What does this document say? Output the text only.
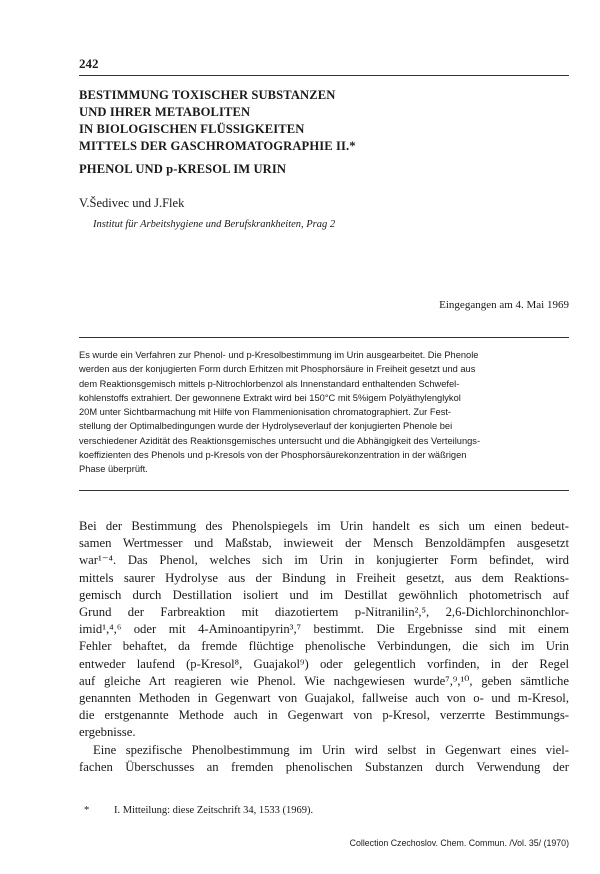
242
BESTIMMUNG TOXISCHER SUBSTANZEN
UND IHRER METABOLITEN
IN BIOLOGISCHEN FLÜSSIGKEITEN
MITTELS DER GASCHROMATOGRAPHIE II.*
PHENOL UND p-KRESOL IM URIN
V.Šedivec und J.Flek
Institut für Arbeitshygiene und Berufskrankheiten, Prag 2
Eingegangen am 4. Mai 1969
Es wurde ein Verfahren zur Phenol- und p-Kresolbestimmung im Urin ausgearbeitet. Die Phenole
werden aus der konjugierten Form durch Erhitzen mit Phosphorsäure in Freiheit gesetzt und aus
dem Reaktionsgemisch mittels p-Nitrochlorbenzol als Innenstandard enthaltenden Schwefel-
kohlenstoffs extrahiert. Der gewonnene Extrakt wird bei 150°C mit 5%igem Polyäthylenglykol
20M unter Sichtbarmachung mit Hilfe von Flammenionisation chromatographiert. Zur Fest-
stellung der Optimalbedingungen wurde der Hydrolyseverlauf der konjugierten Phenole bei
verschiedener Azidität des Reaktionsgemisches untersucht und die Abhängigkeit des Verteilungs-
koeffizienten des Phenols und p-Kresols von der Phosphorsäurekonzentration in der wäßrigen
Phase überprüft.
Bei der Bestimmung des Phenolspiegels im Urin handelt es sich um einen bedeut-
samen Wertmesser und Maßstab, inwieweit der Mensch Benzoldämpfen ausgesetzt
war¹⁻⁴. Das Phenol, welches sich im Urin in konjugierter Form befindet, wird
mittels saurer Hydrolyse aus der Bindung in Freiheit gesetzt, aus dem Reaktions-
gemisch durch Destillation isoliert und im Destillat gewöhnlich photometrisch auf
Grund der Farbreaktion mit diazotiertem p-Nitranilin²,⁵, 2,6-Dichlorchinonchlor-
imid¹,⁴,⁶ oder mit 4-Aminoantipyrin³,⁷ bestimmt. Die Ergebnisse sind mit einem
Fehler behaftet, da fremde flüchtige phenolische Verbindungen, die sich im Urin
entweder laufend (p-Kresol⁸, Guajakol⁹) oder gelegentlich vorfinden, in der Regel
auf gleiche Art reagieren wie Phenol. Wie nachgewiesen wurde⁷,⁹,¹⁰, geben sämtliche
genannten Methoden in Gegenwart von Guajakol, fallweise auch von o- und m-Kresol,
die erstgenannte Methode auch in Gegenwart von p-Kresol, verzerrte Bestimmungs-
ergebnisse.
Eine spezifische Phenolbestimmung im Urin wird selbst in Gegenwart eines viel-
fachen Überschusses an fremden phenolischen Substanzen durch Verwendung der
* I. Mitteilung: diese Zeitschrift 34, 1533 (1969).
Collection Czechoslov. Chem. Commun. /Vol. 35/ (1970)
